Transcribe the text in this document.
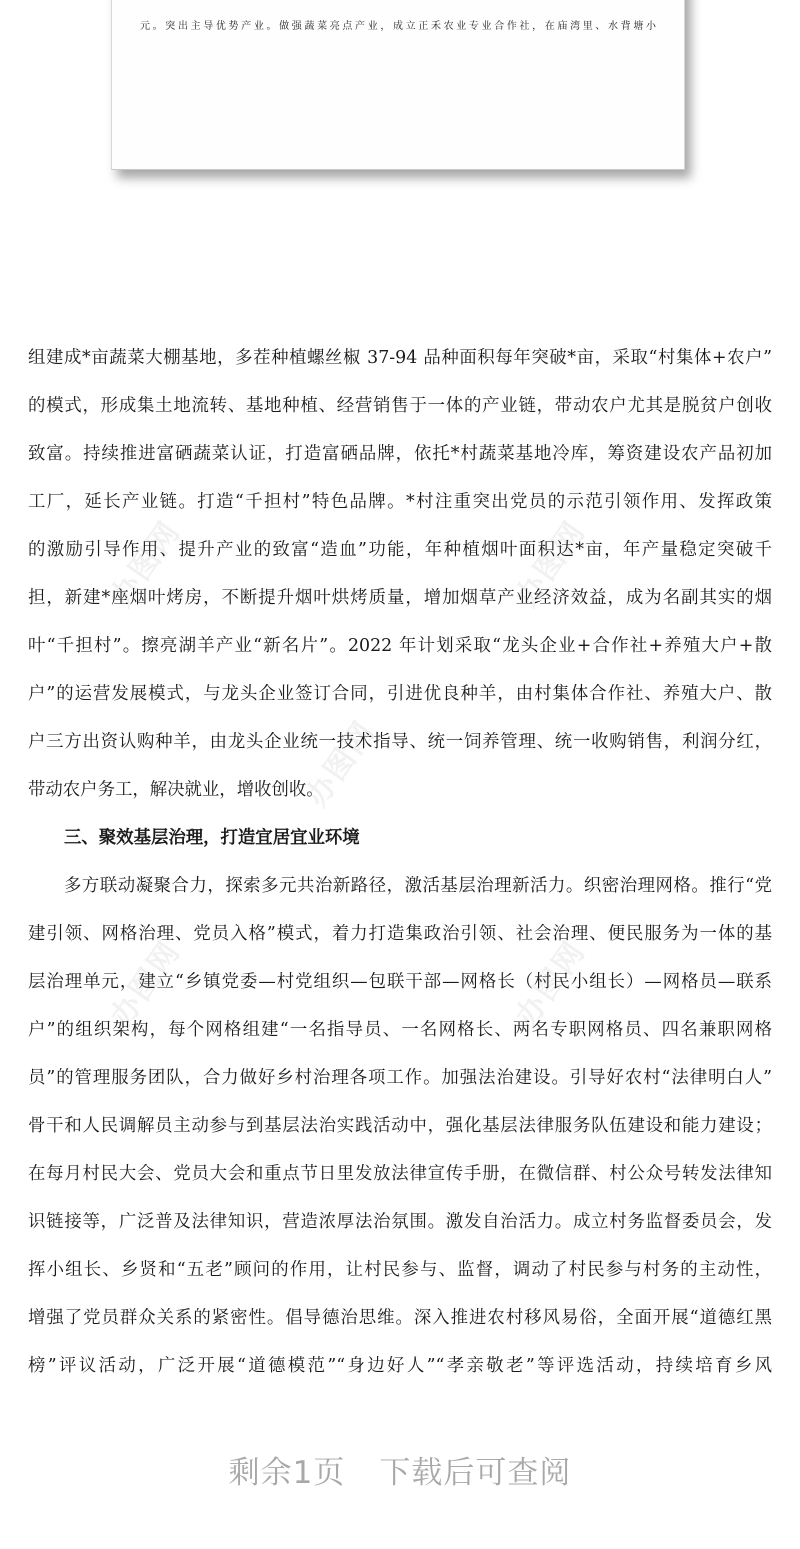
元。突出主导优势产业。做强蔬菜亮点产业，成立正禾农业专业合作社，在庙湾里、水背塘小
组建成*亩蔬菜大棚基地，多茬种植螺丝椒 37-94 品种面积每年突破*亩，采取“村集体+农户”
的模式，形成集土地流转、基地种植、经营销售于一体的产业链，带动农户尤其是脱贫户创收
致富。持续推进富硒蔬菜认证，打造富硒品牌，依托*村蔬菜基地冷库，筹资建设农产品初加
工厂，延长产业链。打造“千担村”特色品牌。*村注重突出党员的示范引领作用、发挥政策
的激励引导作用、提升产业的致富“造血”功能，年种植烟叶面积达*亩，年产量稳定突破千
担，新建*座烟叶烤房，不断提升烟叶烘烤质量，增加烟草产业经济效益，成为名副其实的烟
叶“千担村”。擦亮湖羊产业“新名片”。2022 年计划采取“龙头企业+合作社+养殖大户+散
户”的运营发展模式，与龙头企业签订合同，引进优良种羊，由村集体合作社、养殖大户、散
户三方出资认购种羊，由龙头企业统一技术指导、统一饲养管理、统一收购销售，利润分红，
带动农户务工，解决就业，增收创收。
三、聚效基层治理，打造宜居宜业环境
多方联动凝聚合力，探索多元共治新路径，激活基层治理新活力。织密治理网格。推行“党
建引领、网格治理、党员入格”模式，着力打造集政治引领、社会治理、便民服务为一体的基
层治理单元，建立“乡镇党委—村党组织—包联干部—网格长（村民小组长）—网格员—联系
户”的组织架构，每个网格组建“一名指导员、一名网格长、两名专职网格员、四名兼职网格
员”的管理服务团队，合力做好乡村治理各项工作。加强法治建设。引导好农村“法律明白人”
骨干和人民调解员主动参与到基层法治实践活动中，强化基层法律服务队伍建设和能力建设；
在每月村民大会、党员大会和重点节日里发放法律宣传手册，在微信群、村公众号转发法律知
识链接等，广泛普及法律知识，营造浓厚法治氛围。激发自治活力。成立村务监督委员会，发
挥小组长、乡贤和“五老”顾问的作用，让村民参与、监督，调动了村民参与村务的主动性，
增强了党员群众关系的紧密性。倡导德治思维。深入推进农村移风易俗，全面开展“道德红黑
榜”评议活动，广泛开展“道德模范”“身边好人”“孝亲敬老”等评选活动，持续培育乡风
办图网	办图网
办图网
办图网	办图网
剩余1页 下载后可查阅
